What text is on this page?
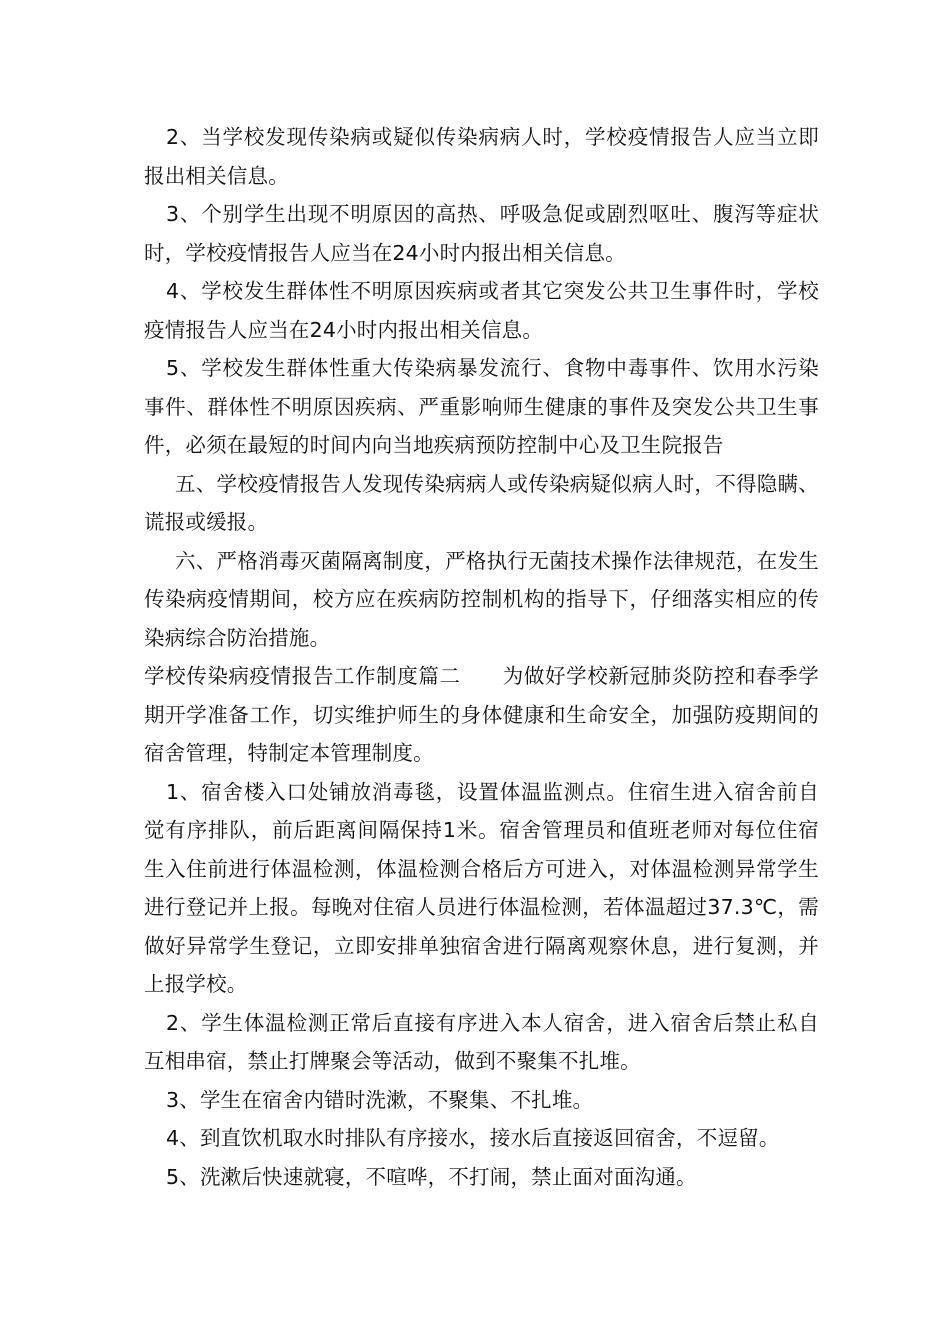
2、当学校发现传染病或疑似传染病病人时，学校疫情报告人应当立即报出相关信息。

3、个别学生出现不明原因的高热、呼吸急促或剧烈呕吐、腹泻等症状时，学校疫情报告人应当在24小时内报出相关信息。

4、学校发生群体性不明原因疾病或者其它突发公共卫生事件时，学校疫情报告人应当在24小时内报出相关信息。

5、学校发生群体性重大传染病暴发流行、食物中毒事件、饮用水污染事件、群体性不明原因疾病、严重影响师生健康的事件及突发公共卫生事件，必须在最短的时间内向当地疾病预防控制中心及卫生院报告

五、学校疫情报告人发现传染病病人或传染病疑似病人时，不得隐瞒、谎报或缓报。

六、严格消毒灭菌隔离制度，严格执行无菌技术操作法律规范，在发生传染病疫情期间，校方应在疾病防控制机构的指导下，仔细落实相应的传染病综合防治措施。

学校传染病疫情报告工作制度篇二　　为做好学校新冠肺炎防控和春季学期开学准备工作，切实维护师生的身体健康和生命安全，加强防疫期间的宿舍管理，特制定本管理制度。

1、宿舍楼入口处铺放消毒毯，设置体温监测点。住宿生进入宿舍前自觉有序排队，前后距离间隔保持1米。宿舍管理员和值班老师对每位住宿生入住前进行体温检测，体温检测合格后方可进入，对体温检测异常学生进行登记并上报。每晚对住宿人员进行体温检测，若体温超过37.3℃，需做好异常学生登记，立即安排单独宿舍进行隔离观察休息，进行复测，并上报学校。

2、学生体温检测正常后直接有序进入本人宿舍，进入宿舍后禁止私自互相串宿，禁止打牌聚会等活动，做到不聚集不扎堆。

3、学生在宿舍内错时洗漱，不聚集、不扎堆。

4、到直饮机取水时排队有序接水，接水后直接返回宿舍，不逗留。

5、洗漱后快速就寝，不喧哗，不打闹，禁止面对面沟通。
